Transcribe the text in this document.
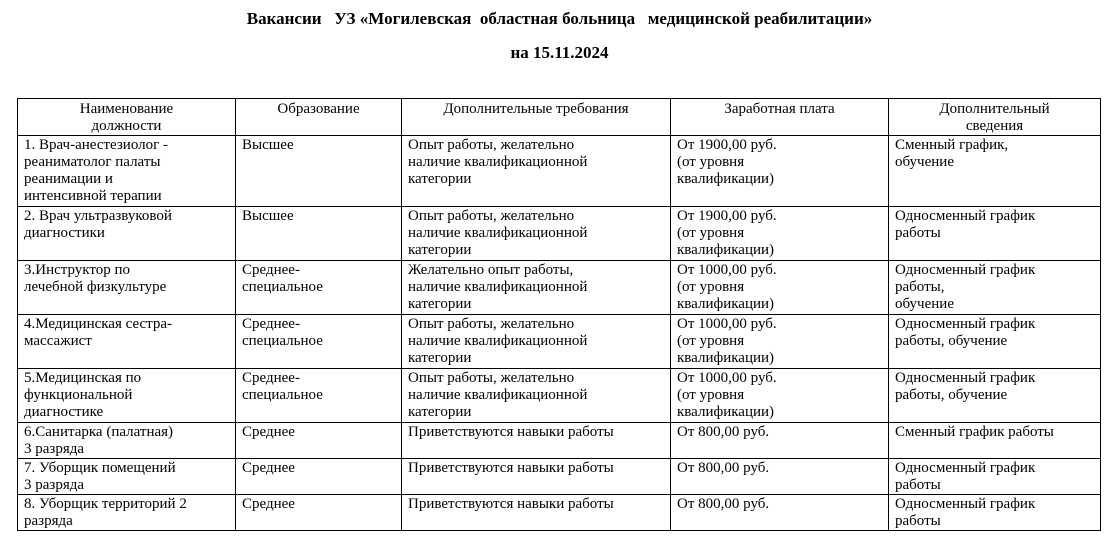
Вакансии   УЗ «Могилевская  областная больница   медицинской реабилитации»
на 15.11.2024
Наименование
должности	Образование	Дополнительные требования	Заработная плата	Дополнительный
сведения
1. Врач-анестезиолог -
реаниматолог палаты
реанимации и
интенсивной терапии	Высшее	Опыт работы, желательно
наличие квалификационной
категории	От 1900,00 руб.
(от уровня
квалификации)	Сменный график,
обучение
2. Врач ультразвуковой
диагностики	Высшее	Опыт работы, желательно
наличие квалификационной
категории	От 1900,00 руб.
(от уровня
квалификации)	Односменный график
работы
3.Инструктор по
лечебной физкультуре	Среднее-
специальное	Желательно опыт работы,
наличие квалификационной
категории	От 1000,00 руб.
(от уровня
квалификации)	Односменный график
работы,
обучение
4.Медицинская сестра-
массажист	Среднее-
специальное	Опыт работы, желательно
наличие квалификационной
категории	От 1000,00 руб.
(от уровня
квалификации)	Односменный график
работы, обучение
5.Медицинская по
функциональной
диагностике	Среднее-
специальное	Опыт работы, желательно
наличие квалификационной
категории	От 1000,00 руб.
(от уровня
квалификации)	Односменный график
работы, обучение
6.Санитарка (палатная)
3 разряда	Среднее	Приветствуются навыки работы	От 800,00 руб.	Сменный график работы
7. Уборщик помещений
3 разряда	Среднее	Приветствуются навыки работы	От 800,00 руб.	Односменный график
работы
8. Уборщик территорий 2
разряда	Среднее	Приветствуются навыки работы	От 800,00 руб.	Односменный график
работы
